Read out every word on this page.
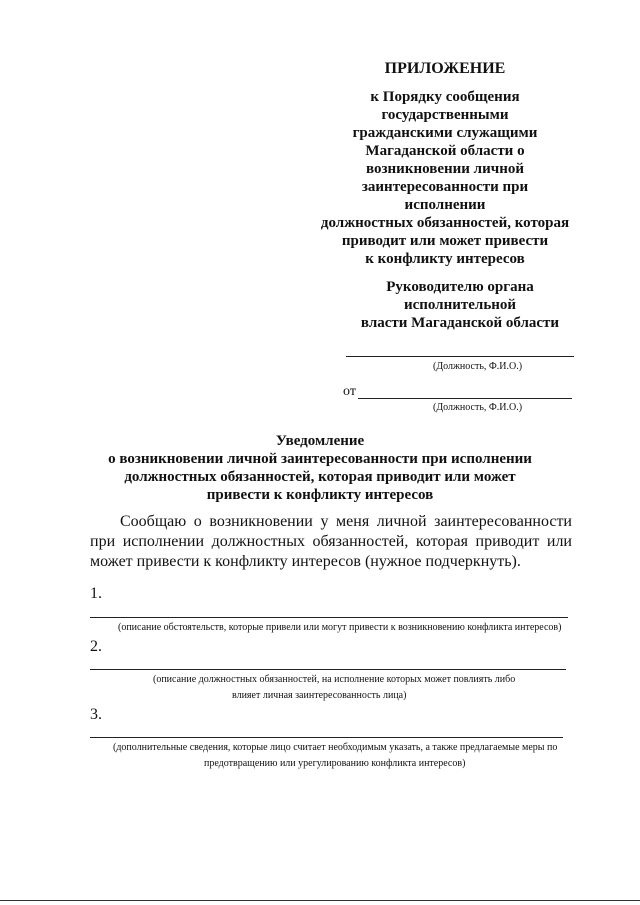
ПРИЛОЖЕНИЕ
к Порядку сообщения
государственными
гражданскими служащими
Магаданской области о
возникновении личной
заинтересованности при
исполнении
должностных обязанностей, которая
приводит или может привести
к конфликту интересов
Руководителю органа
исполнительной
власти Магаданской области
(Должность, Ф.И.О.)
от
(Должность, Ф.И.О.)
Уведомление
о возникновении личной заинтересованности при исполнении
должностных обязанностей, которая приводит или может
привести к конфликту интересов
Сообщаю о возникновении у меня личной заинтересованности при исполнении должностных обязанностей, которая приводит или может привести к конфликту интересов (нужное подчеркнуть).
1.
(описание обстоятельств, которые привели или могут привести к возникновению конфликта интересов)
2.
(описание должностных обязанностей, на исполнение которых может повлиять либо
влияет личная заинтересованность лица)
3.
(дополнительные сведения, которые лицо считает необходимым указать, а также предлагаемые меры по
предотвращению или урегулированию конфликта интересов)
